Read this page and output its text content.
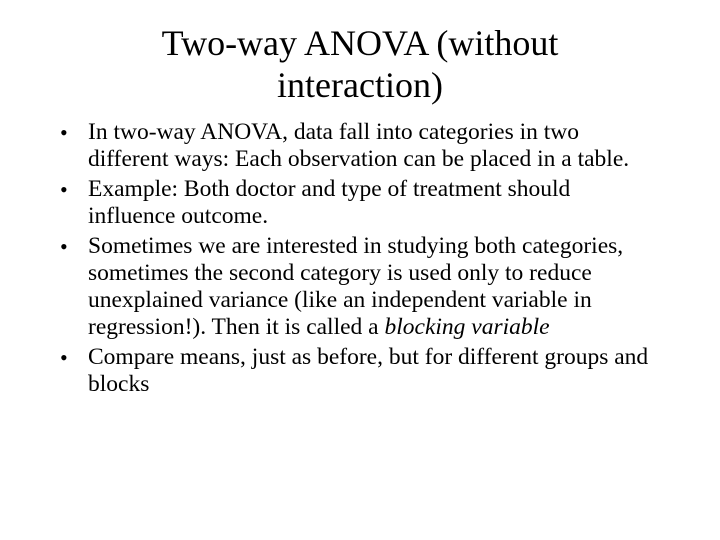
Two-way ANOVA (without
interaction)
• In two-way ANOVA, data fall into categories in two different ways: Each observation can be placed in a table.
• Example: Both doctor and type of treatment should influence outcome.
• Sometimes we are interested in studying both categories, sometimes the second category is used only to reduce unexplained variance (like an independent variable in regression!). Then it is called a blocking variable
• Compare means, just as before, but for different groups and blocks
